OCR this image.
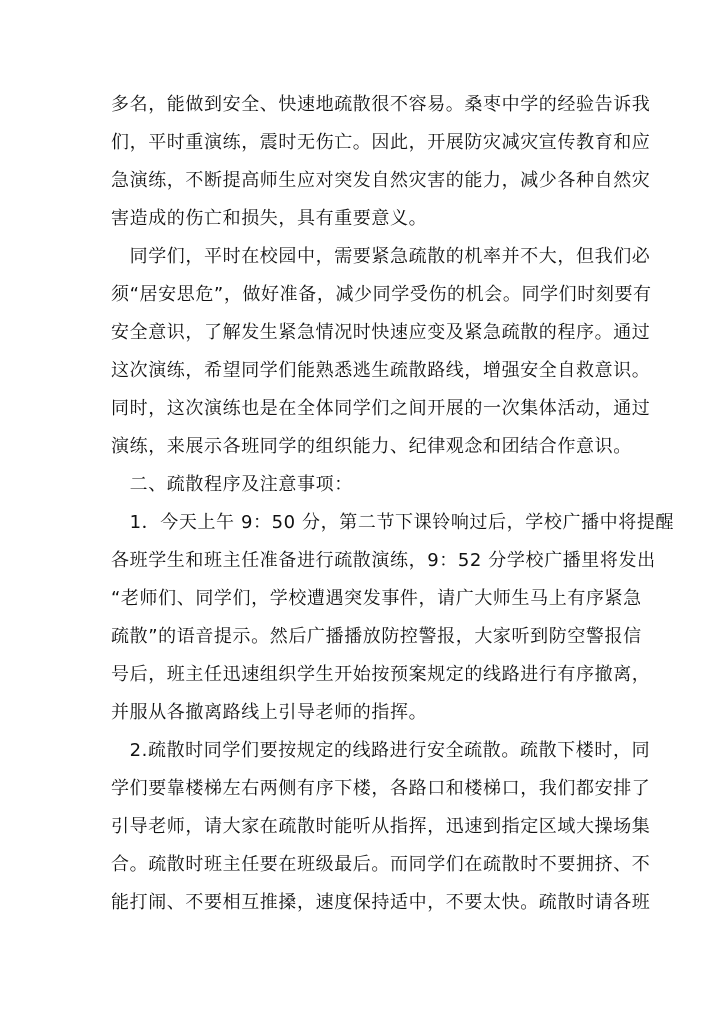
多名，能做到安全、快速地疏散很不容易。桑枣中学的经验告诉我
们，平时重演练，震时无伤亡。因此，开展防灾减灾宣传教育和应
急演练，不断提高师生应对突发自然灾害的能力，减少各种自然灾
害造成的伤亡和损失，具有重要意义。
　同学们，平时在校园中，需要紧急疏散的机率并不大，但我们必
须“居安思危”，做好准备，减少同学受伤的机会。同学们时刻要有
安全意识，了解发生紧急情况时快速应变及紧急疏散的程序。通过
这次演练，希望同学们能熟悉逃生疏散路线，增强安全自救意识。
同时，这次演练也是在全体同学们之间开展的一次集体活动，通过
演练，来展示各班同学的组织能力、纪律观念和团结合作意识。
　二、疏散程序及注意事项：
　1．今天上午 9：50 分，第二节下课铃响过后，学校广播中将提醒
各班学生和班主任准备进行疏散演练，9：52 分学校广播里将发出
“老师们、同学们，学校遭遇突发事件，请广大师生马上有序紧急
疏散”的语音提示。然后广播播放防控警报，大家听到防空警报信
号后，班主任迅速组织学生开始按预案规定的线路进行有序撤离，
并服从各撤离路线上引导老师的指挥。
　2.疏散时同学们要按规定的线路进行安全疏散。疏散下楼时，同
学们要靠楼梯左右两侧有序下楼，各路口和楼梯口，我们都安排了
引导老师，请大家在疏散时能听从指挥，迅速到指定区域大操场集
合。疏散时班主任要在班级最后。而同学们在疏散时不要拥挤、不
能打闹、不要相互推搡，速度保持适中，不要太快。疏散时请各班
